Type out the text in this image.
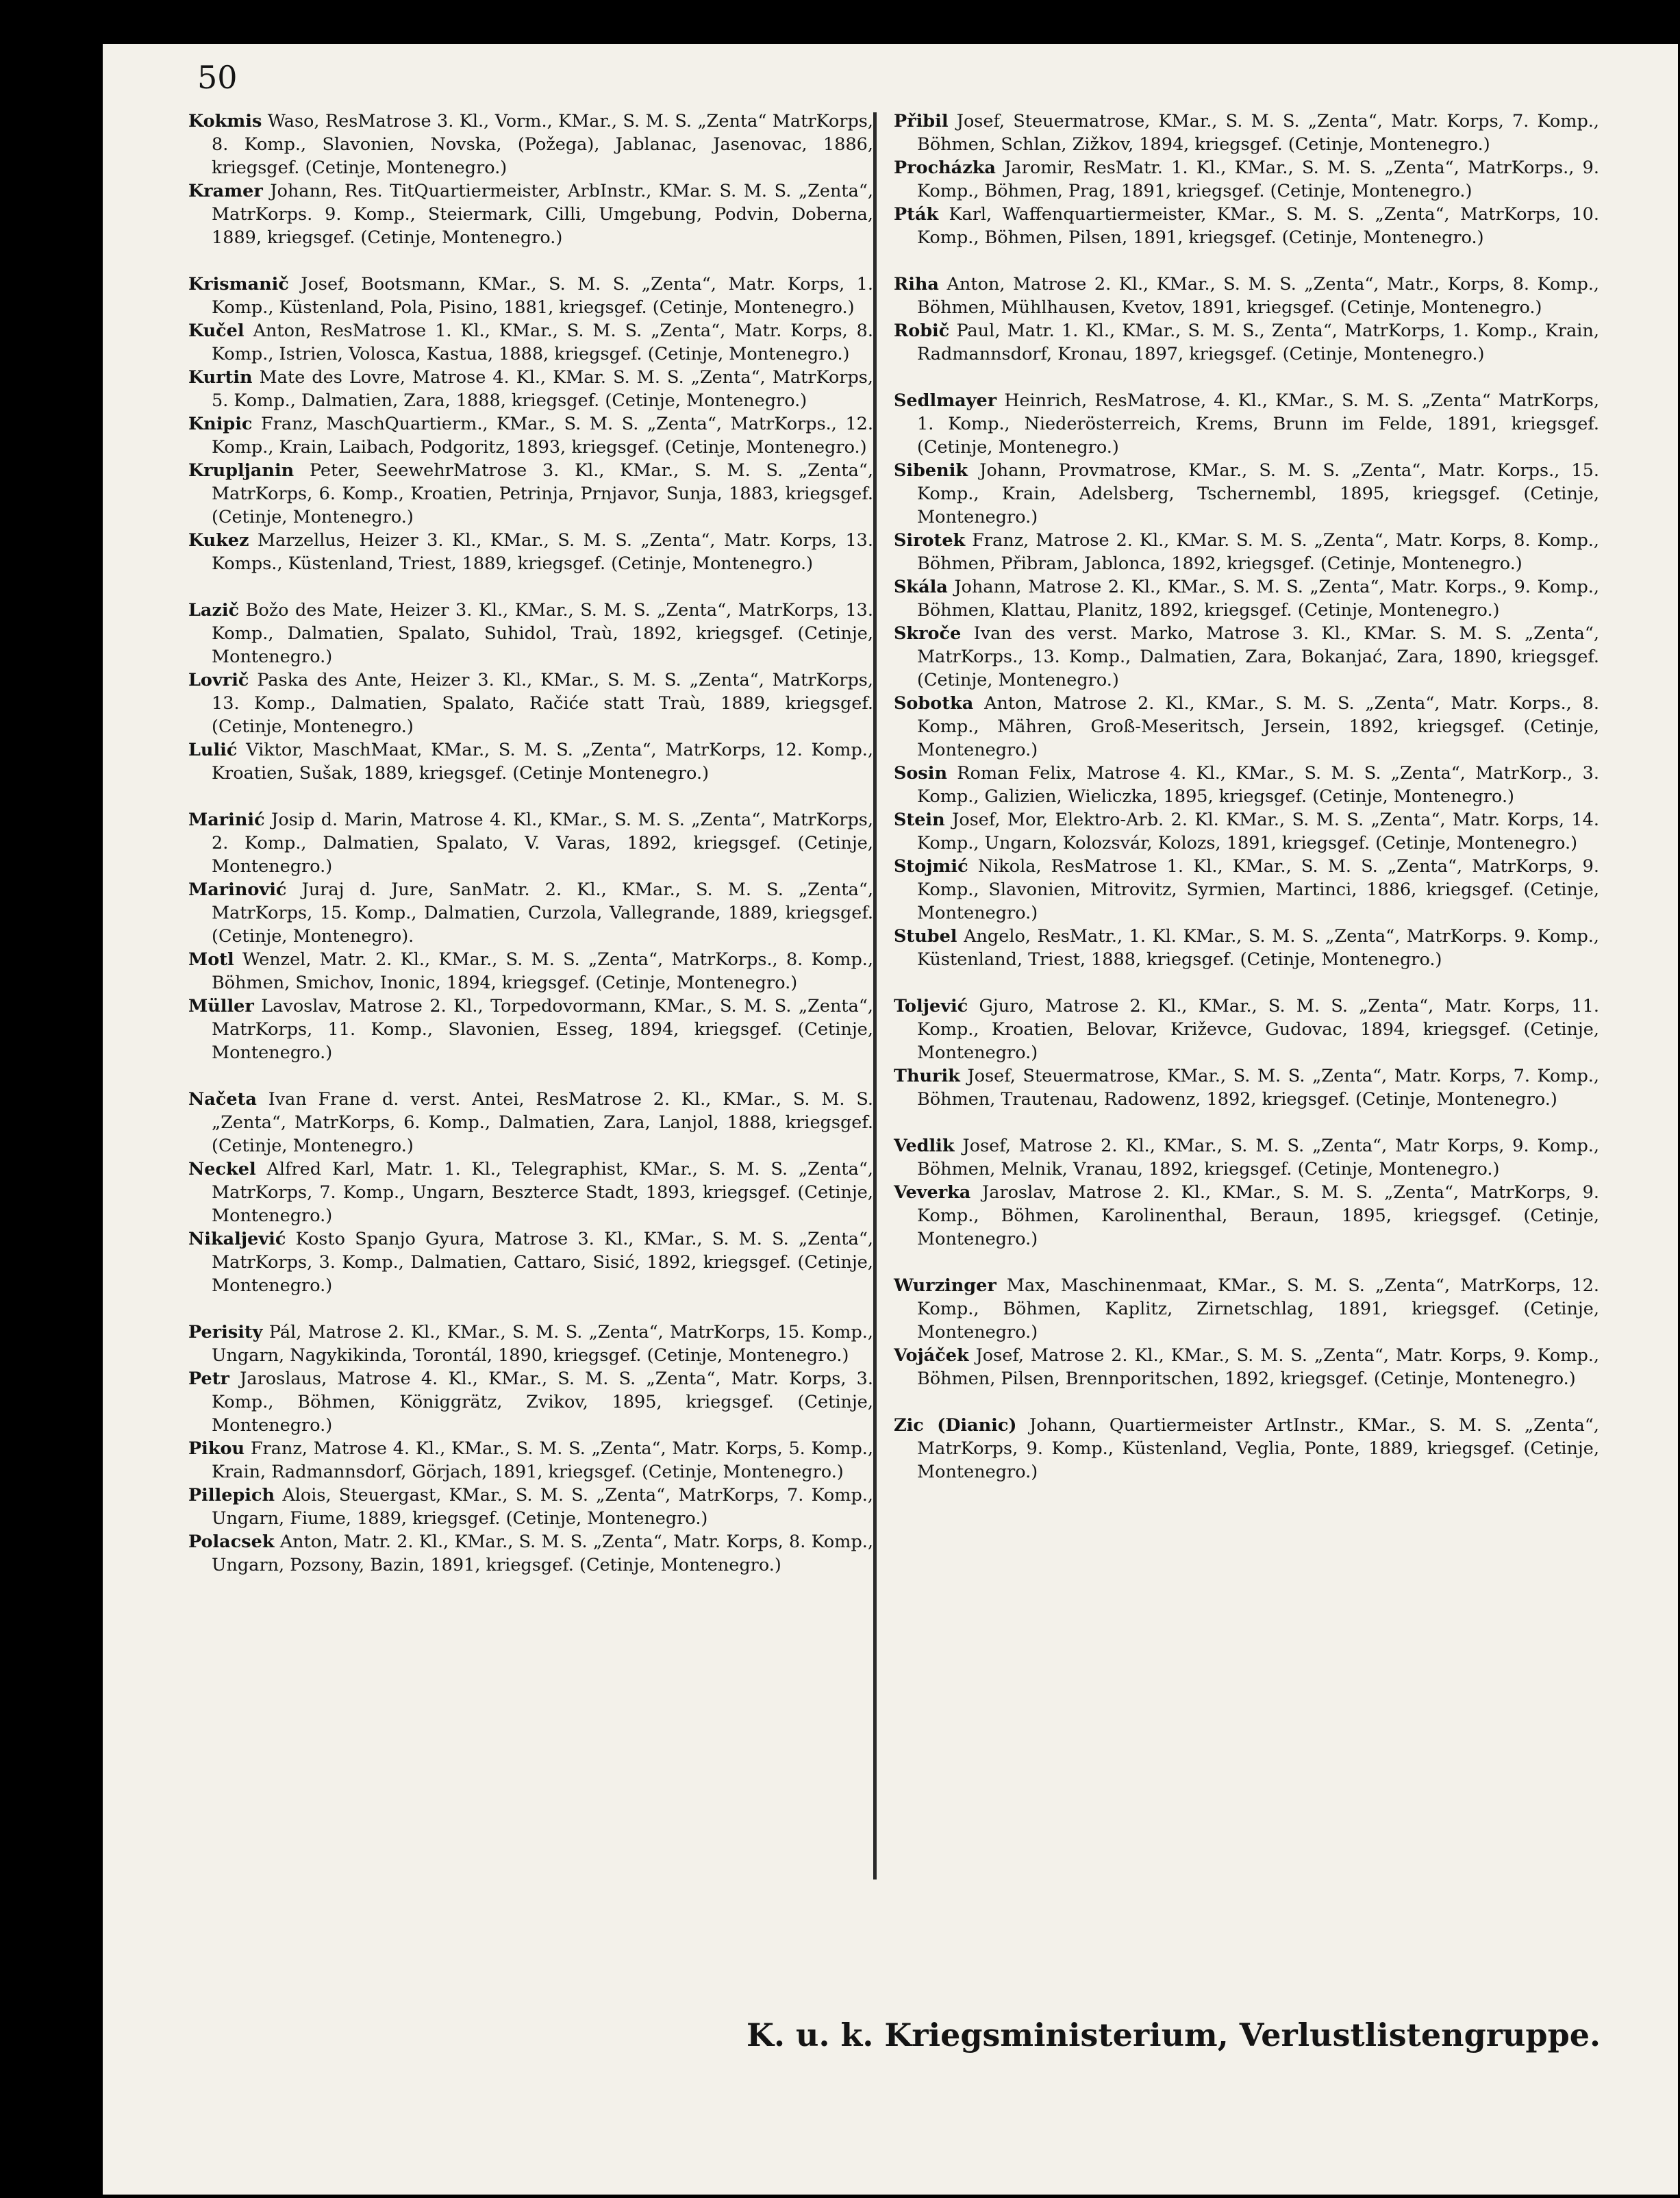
50
Kokmis Waso, ResMatrose 3. Kl., Vorm., KMar., S. M. S. „Zenta“ MatrKorps, 8. Komp., Slavonien, Novska, (Požega), Jablanac, Jasenovac, 1886, kriegsgef. (Cetinje, Montenegro.)
Kramer Johann, Res. TitQuartiermeister, ArbInstr., KMar. S. M. S. „Zenta“, MatrKorps. 9. Komp., Steiermark, Cilli, Umgebung, Podvin, Doberna, 1889, kriegsgef. (Cetinje, Montenegro.)
Krismanič Josef, Bootsmann, KMar., S. M. S. „Zenta“, Matr. Korps, 1. Komp., Küstenland, Pola, Pisino, 1881, kriegsgef. (Cetinje, Montenegro.)
Kučel Anton, ResMatrose 1. Kl., KMar., S. M. S. „Zenta“, Matr. Korps, 8. Komp., Istrien, Volosca, Kastua, 1888, kriegsgef. (Cetinje, Montenegro.)
Kurtin Mate des Lovre, Matrose 4. Kl., KMar. S. M. S. „Zenta“, MatrKorps, 5. Komp., Dalmatien, Zara, 1888, kriegsgef. (Cetinje, Montenegro.)
Knipic Franz, MaschQuartierm., KMar., S. M. S. „Zenta“, MatrKorps., 12. Komp., Krain, Laibach, Podgoritz, 1893, kriegsgef. (Cetinje, Montenegro.)
Krupljanin Peter, SeewehrMatrose 3. Kl., KMar., S. M. S. „Zenta“, MatrKorps, 6. Komp., Kroatien, Petrinja, Prnjavor, Sunja, 1883, kriegsgef. (Cetinje, Montenegro.)
Kukez Marzellus, Heizer 3. Kl., KMar., S. M. S. „Zenta“, Matr. Korps, 13. Komps., Küstenland, Triest, 1889, kriegsgef. (Cetinje, Montenegro.)
Lazič Božo des Mate, Heizer 3. Kl., KMar., S. M. S. „Zenta“, MatrKorps, 13. Komp., Dalmatien, Spalato, Suhidol, Traù, 1892, kriegsgef. (Cetinje, Montenegro.)
Lovrič Paska des Ante, Heizer 3. Kl., KMar., S. M. S. „Zenta“, MatrKorps, 13. Komp., Dalmatien, Spalato, Račiće statt Traù, 1889, kriegsgef. (Cetinje, Montenegro.)
Lulić Viktor, MaschMaat, KMar., S. M. S. „Zenta“, MatrKorps, 12. Komp., Kroatien, Sušak, 1889, kriegsgef. (Cetinje Montenegro.)
Marinić Josip d. Marin, Matrose 4. Kl., KMar., S. M. S. „Zenta“, MatrKorps, 2. Komp., Dalmatien, Spalato, V. Varas, 1892, kriegsgef. (Cetinje, Montenegro.)
Marinović Juraj d. Jure, SanMatr. 2. Kl., KMar., S. M. S. „Zenta“, MatrKorps, 15. Komp., Dalmatien, Curzola, Vallegrande, 1889, kriegsgef. (Cetinje, Montenegro).
Motl Wenzel, Matr. 2. Kl., KMar., S. M. S. „Zenta“, MatrKorps., 8. Komp., Böhmen, Smichov, Inonic, 1894, kriegsgef. (Cetinje, Montenegro.)
Müller Lavoslav, Matrose 2. Kl., Torpedovormann, KMar., S. M. S. „Zenta“, MatrKorps, 11. Komp., Slavonien, Esseg, 1894, kriegsgef. (Cetinje, Montenegro.)
Načeta Ivan Frane d. verst. Antei, ResMatrose 2. Kl., KMar., S. M. S. „Zenta“, MatrKorps, 6. Komp., Dalmatien, Zara, Lanjol, 1888, kriegsgef. (Cetinje, Montenegro.)
Neckel Alfred Karl, Matr. 1. Kl., Telegraphist, KMar., S. M. S. „Zenta“, MatrKorps, 7. Komp., Ungarn, Beszterce Stadt, 1893, kriegsgef. (Cetinje, Montenegro.)
Nikaljević Kosto Spanjo Gyura, Matrose 3. Kl., KMar., S. M. S. „Zenta“, MatrKorps, 3. Komp., Dalmatien, Cattaro, Sisić, 1892, kriegsgef. (Cetinje, Montenegro.)
Perisity Pál, Matrose 2. Kl., KMar., S. M. S. „Zenta“, MatrKorps, 15. Komp., Ungarn, Nagykikinda, Torontál, 1890, kriegsgef. (Cetinje, Montenegro.)
Petr Jaroslaus, Matrose 4. Kl., KMar., S. M. S. „Zenta“, Matr. Korps, 3. Komp., Böhmen, Königgrätz, Zvikov, 1895, kriegsgef. (Cetinje, Montenegro.)
Pikou Franz, Matrose 4. Kl., KMar., S. M. S. „Zenta“, Matr. Korps, 5. Komp., Krain, Radmannsdorf, Görjach, 1891, kriegsgef. (Cetinje, Montenegro.)
Pillepich Alois, Steuergast, KMar., S. M. S. „Zenta“, MatrKorps, 7. Komp., Ungarn, Fiume, 1889, kriegsgef. (Cetinje, Montenegro.)
Polacsek Anton, Matr. 2. Kl., KMar., S. M. S. „Zenta“, Matr. Korps, 8. Komp., Ungarn, Pozsony, Bazin, 1891, kriegsgef. (Cetinje, Montenegro.)
Přibil Josef, Steuermatrose, KMar., S. M. S. „Zenta“, Matr. Korps, 7. Komp., Böhmen, Schlan, Zižkov, 1894, kriegsgef. (Cetinje, Montenegro.)
Procházka Jaromir, ResMatr. 1. Kl., KMar., S. M. S. „Zenta“, MatrKorps., 9. Komp., Böhmen, Prag, 1891, kriegsgef. (Cetinje, Montenegro.)
Pták Karl, Waffenquartiermeister, KMar., S. M. S. „Zenta“, MatrKorps, 10. Komp., Böhmen, Pilsen, 1891, kriegsgef. (Cetinje, Montenegro.)
Riha Anton, Matrose 2. Kl., KMar., S. M. S. „Zenta“, Matr., Korps, 8. Komp., Böhmen, Mühlhausen, Kvetov, 1891, kriegsgef. (Cetinje, Montenegro.)
Robič Paul, Matr. 1. Kl., KMar., S. M. S., Zenta“, MatrKorps, 1. Komp., Krain, Radmannsdorf, Kronau, 1897, kriegsgef. (Cetinje, Montenegro.)
Sedlmayer Heinrich, ResMatrose, 4. Kl., KMar., S. M. S. „Zenta“ MatrKorps, 1. Komp., Niederösterreich, Krems, Brunn im Felde, 1891, kriegsgef. (Cetinje, Montenegro.)
Sibenik Johann, Provmatrose, KMar., S. M. S. „Zenta“, Matr. Korps., 15. Komp., Krain, Adelsberg, Tschernembl, 1895, kriegsgef. (Cetinje, Montenegro.)
Sirotek Franz, Matrose 2. Kl., KMar. S. M. S. „Zenta“, Matr. Korps, 8. Komp., Böhmen, Přibram, Jablonca, 1892, kriegsgef. (Cetinje, Montenegro.)
Skála Johann, Matrose 2. Kl., KMar., S. M. S. „Zenta“, Matr. Korps., 9. Komp., Böhmen, Klattau, Planitz, 1892, kriegsgef. (Cetinje, Montenegro.)
Skroče Ivan des verst. Marko, Matrose 3. Kl., KMar. S. M. S. „Zenta“, MatrKorps., 13. Komp., Dalmatien, Zara, Bokanjać, Zara, 1890, kriegsgef. (Cetinje, Montenegro.)
Sobotka Anton, Matrose 2. Kl., KMar., S. M. S. „Zenta“, Matr. Korps., 8. Komp., Mähren, Groß-Meseritsch, Jersein, 1892, kriegsgef. (Cetinje, Montenegro.)
Sosin Roman Felix, Matrose 4. Kl., KMar., S. M. S. „Zenta“, MatrKorp., 3. Komp., Galizien, Wieliczka, 1895, kriegsgef. (Cetinje, Montenegro.)
Stein Josef, Mor, Elektro-Arb. 2. Kl. KMar., S. M. S. „Zenta“, Matr. Korps, 14. Komp., Ungarn, Kolozsvár, Kolozs, 1891, kriegsgef. (Cetinje, Montenegro.)
Stojmić Nikola, ResMatrose 1. Kl., KMar., S. M. S. „Zenta“, MatrKorps, 9. Komp., Slavonien, Mitrovitz, Syrmien, Martinci, 1886, kriegsgef. (Cetinje, Montenegro.)
Stubel Angelo, ResMatr., 1. Kl. KMar., S. M. S. „Zenta“, MatrKorps. 9. Komp., Küstenland, Triest, 1888, kriegsgef. (Cetinje, Montenegro.)
Toljević Gjuro, Matrose 2. Kl., KMar., S. M. S. „Zenta“, Matr. Korps, 11. Komp., Kroatien, Belovar, Križevce, Gudovac, 1894, kriegsgef. (Cetinje, Montenegro.)
Thurik Josef, Steuermatrose, KMar., S. M. S. „Zenta“, Matr. Korps, 7. Komp., Böhmen, Trautenau, Radowenz, 1892, kriegsgef. (Cetinje, Montenegro.)
Vedlik Josef, Matrose 2. Kl., KMar., S. M. S. „Zenta“, Matr Korps, 9. Komp., Böhmen, Melnik, Vranau, 1892, kriegsgef. (Cetinje, Montenegro.)
Veverka Jaroslav, Matrose 2. Kl., KMar., S. M. S. „Zenta“, MatrKorps, 9. Komp., Böhmen, Karolinenthal, Beraun, 1895, kriegsgef. (Cetinje, Montenegro.)
Wurzinger Max, Maschinenmaat, KMar., S. M. S. „Zenta“, MatrKorps, 12. Komp., Böhmen, Kaplitz, Zirnetschlag, 1891, kriegsgef. (Cetinje, Montenegro.)
Vojáček Josef, Matrose 2. Kl., KMar., S. M. S. „Zenta“, Matr. Korps, 9. Komp., Böhmen, Pilsen, Brennporitschen, 1892, kriegsgef. (Cetinje, Montenegro.)
Zic (Dianic) Johann, Quartiermeister ArtInstr., KMar., S. M. S. „Zenta“, MatrKorps, 9. Komp., Küstenland, Veglia, Ponte, 1889, kriegsgef. (Cetinje, Montenegro.)
K. u. k. Kriegsministerium, Verlustlistengruppe.
